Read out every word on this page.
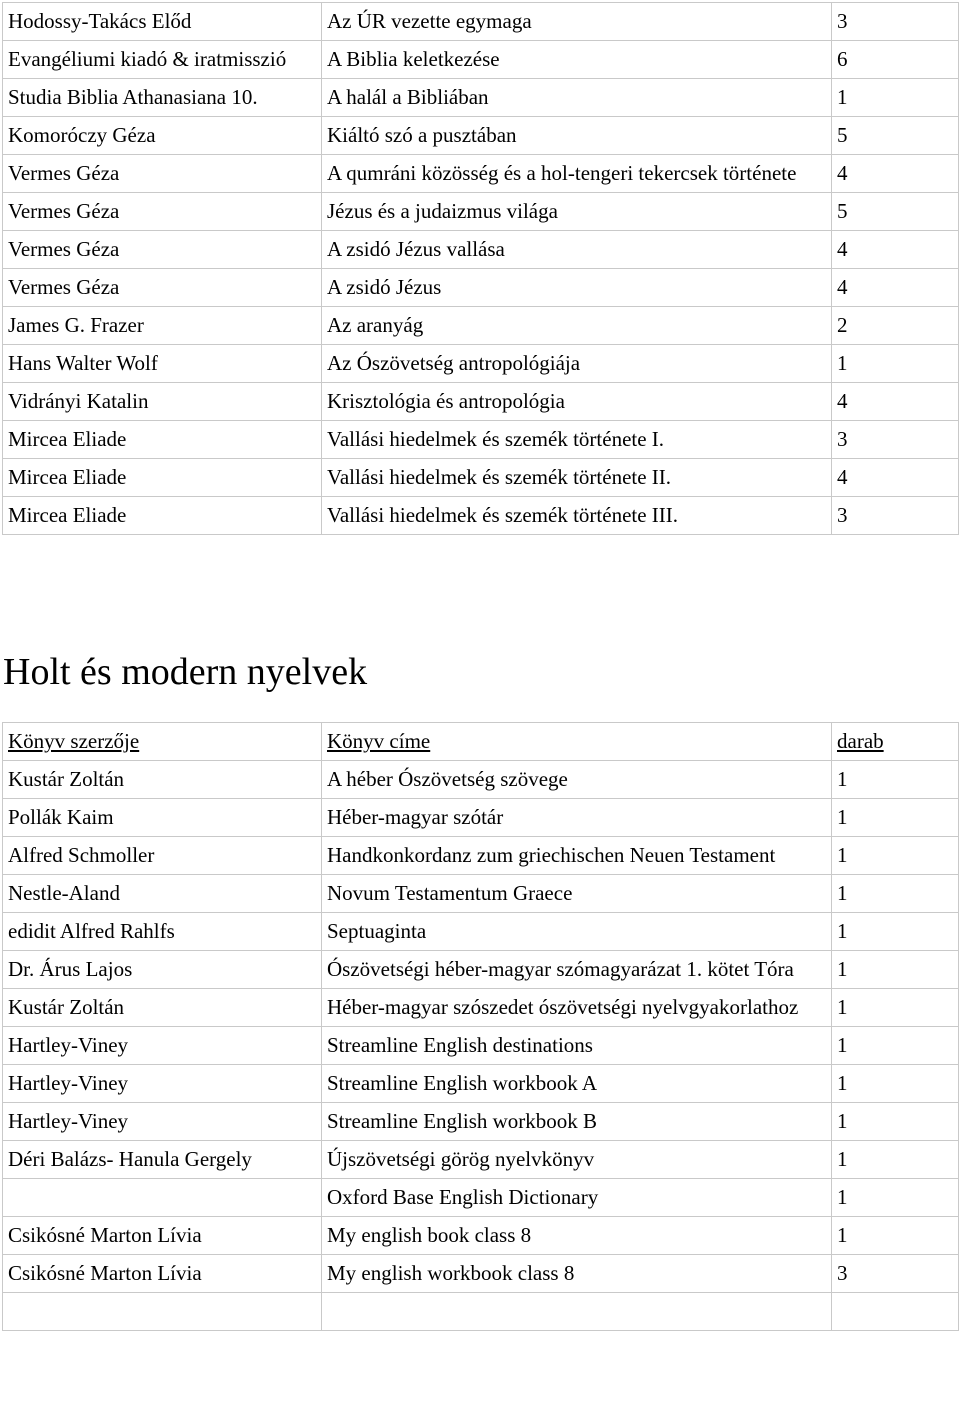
Hodossy-Takács Előd	Az ÚR vezette egymaga	3
Evangéliumi kiadó & iratmisszió	A Biblia keletkezése	6
Studia Biblia Athanasiana 10.	A halál a Bibliában	1
Komoróczy Géza	Kiáltó szó a pusztában	5
Vermes Géza	A qumráni közösség és a hol-tengeri tekercsek története	4
Vermes Géza	Jézus és a judaizmus világa	5
Vermes Géza	A zsidó Jézus vallása	4
Vermes Géza	A zsidó Jézus	4
James G. Frazer	Az aranyág	2
Hans Walter Wolf	Az Ószövetség antropológiája	1
Vidrányi Katalin	Krisztológia és antropológia	4
Mircea Eliade	Vallási hiedelmek és szemék története I.	3
Mircea Eliade	Vallási hiedelmek és szemék története II.	4
Mircea Eliade	Vallási hiedelmek és szemék története III.	3
Holt és modern nyelvek
Könyv szerzője	Könyv címe	darab
Kustár Zoltán	A héber Ószövetség szövege	1
Pollák Kaim	Héber-magyar szótár	1
Alfred Schmoller	Handkonkordanz zum griechischen Neuen Testament	1
Nestle-Aland	Novum Testamentum Graece	1
edidit Alfred Rahlfs	Septuaginta	1
Dr. Árus Lajos	Ószövetségi héber-magyar szómagyarázat 1. kötet Tóra	1
Kustár Zoltán	Héber-magyar szószedet ószövetségi nyelvgyakorlathoz	1
Hartley-Viney	Streamline English destinations	1
Hartley-Viney	Streamline English workbook A	1
Hartley-Viney	Streamline English workbook B	1
Déri Balázs- Hanula Gergely	Újszövetségi görög nyelvkönyv	1
	Oxford Base English Dictionary	1
Csikósné Marton Lívia	My english book class 8	1
Csikósné Marton Lívia	My english workbook class 8	3
